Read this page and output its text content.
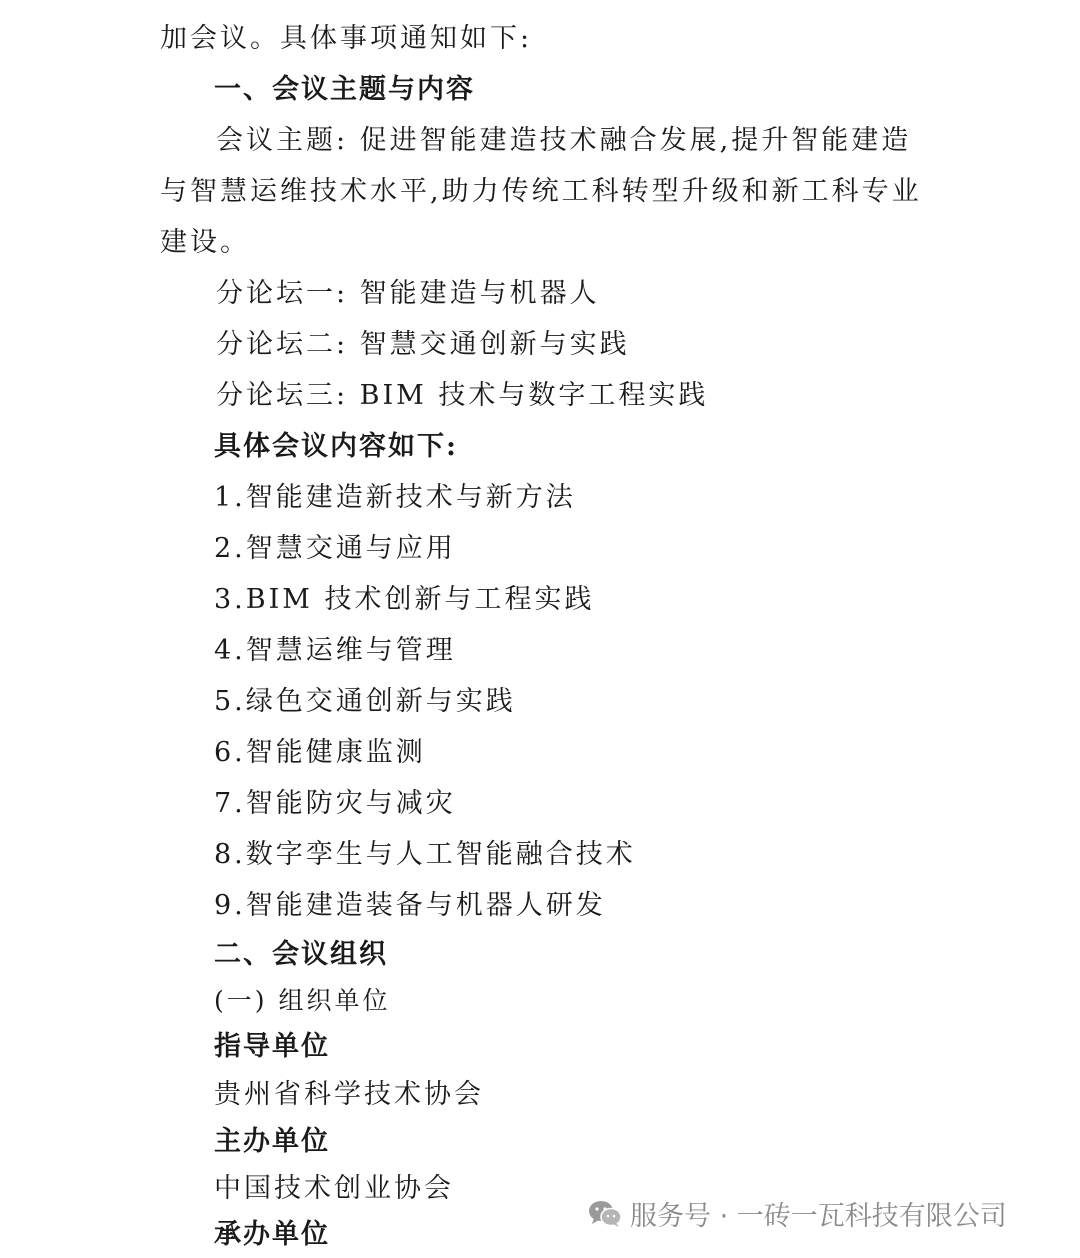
加会议。具体事项通知如下:
一、会议主题与内容
会议主题: 促进智能建造技术融合发展,提升智能建造
与智慧运维技术水平,助力传统工科转型升级和新工科专业
建设。
分论坛一: 智能建造与机器人
分论坛二: 智慧交通创新与实践
分论坛三: BIM 技术与数字工程实践
具体会议内容如下:
1.智能建造新技术与新方法
2.智慧交通与应用
3.BIM 技术创新与工程实践
4.智慧运维与管理
5.绿色交通创新与实践
6.智能健康监测
7.智能防灾与减灾
8.数字孪生与人工智能融合技术
9.智能建造装备与机器人研发
二、会议组织
(一) 组织单位
指导单位
贵州省科学技术协会
主办单位
中国技术创业协会
承办单位
服务号 · 一砖一瓦科技有限公司
